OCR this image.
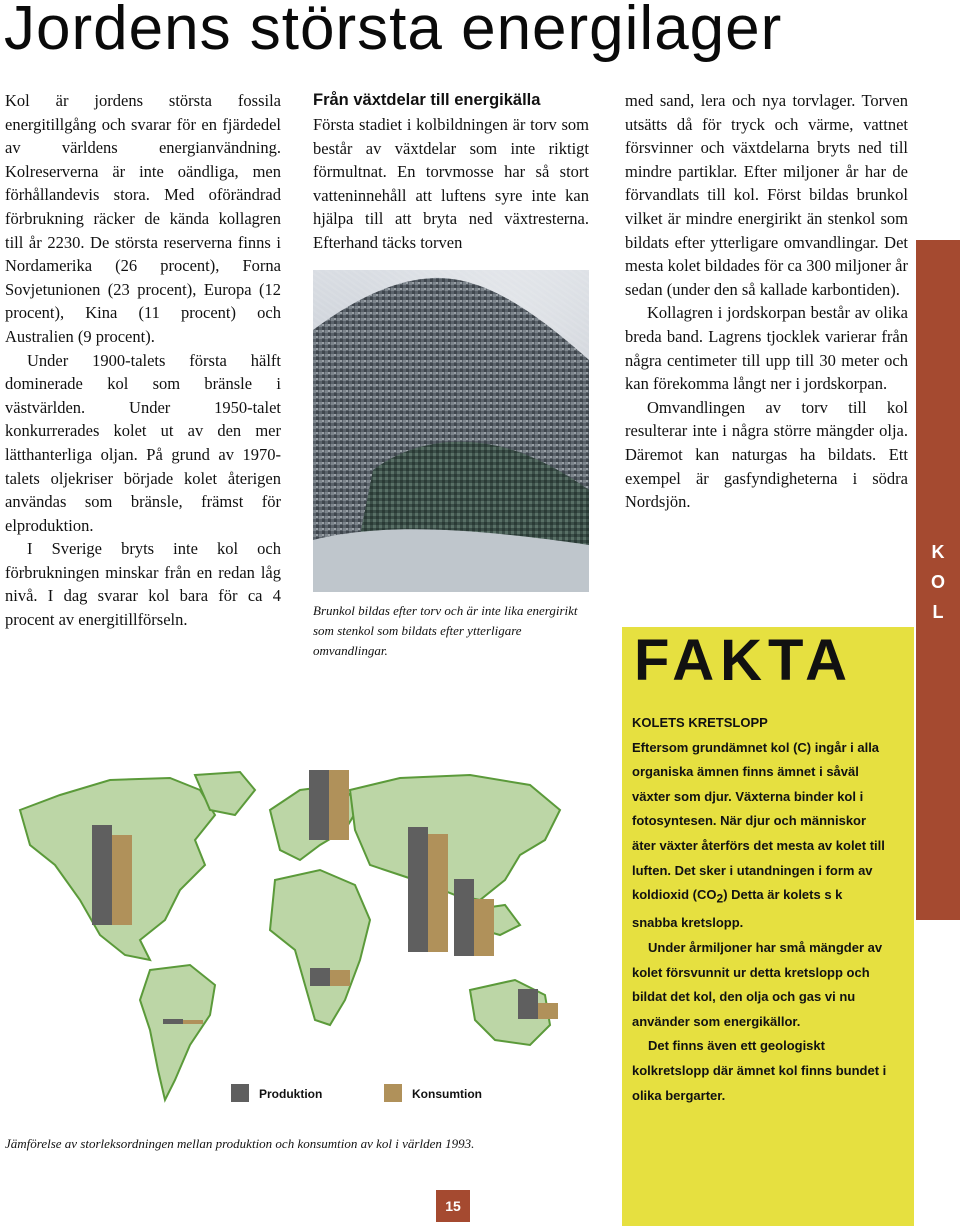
Jordens största energilager

Kol är jordens största fossila energitillgång och svarar för en fjärdedel av världens energianvändning. Kolreserverna är inte oändliga, men förhållandevis stora. Med oförändrad förbrukning räcker de kända kollagren till år 2230. De största reserverna finns i Nordamerika (26 procent), Forna Sovjetunionen (23 procent), Europa (12 procent), Kina (11 procent) och Australien (9 procent).

Under 1900-talets första hälft dominerade kol som bränsle i västvärlden. Under 1950-talet konkurrerades kolet ut av den mer lätthanterliga oljan. På grund av 1970-talets oljekriser började kolet återigen användas som bränsle, främst för elproduktion.

I Sverige bryts inte kol och förbrukningen minskar från en redan låg nivå. I dag svarar kol bara för ca 4 procent av energitillförseln.

Från växtdelar till energikälla

Första stadiet i kolbildningen är torv som består av växtdelar som inte riktigt förmultnat. En torvmosse har så stort vatteninnehåll att luftens syre inte kan hjälpa till att bryta ned växtresterna. Efterhand täcks torven

Brunkol bildas efter torv och är inte lika energirikt som stenkol som bildats efter ytterligare omvandlingar.

med sand, lera och nya torvlager. Torven utsätts då för tryck och värme, vattnet försvinner och växtdelarna bryts ned till mindre partiklar. Efter miljoner år har de förvandlats till kol. Först bildas brunkol vilket är mindre energirikt än stenkol som bildats efter ytterligare omvandlingar. Det mesta kolet bildades för ca 300 miljoner år sedan (under den så kallade karbontiden).

Kollagren i jordskorpan består av olika breda band. Lagrens tjocklek varierar från några centimeter till upp till 30 meter och kan förekomma långt ner i jordskorpan.

Omvandlingen av torv till kol resulterar inte i några större mängder olja. Däremot kan naturgas ha bildats. Ett exempel är gasfyndigheterna i södra Nordsjön.

K
O
L
FAKTA

KOLETS KRETSLOPP

Eftersom grundämnet kol (C) ingår i alla organiska ämnen finns ämnet i såväl växter som djur. Växterna binder kol i fotosyntesen. När djur och människor äter växter återförs det mesta av kolet till luften. Det sker i utandningen i form av koldioxid $(CO_2)$ Detta är kolets s k snabba kretslopp.

Under årmiljoner har små mängder av kolet försvunnit ur detta kretslopp och bildat det kol, den olja och gas vi nu använder som energikällor.

Det finns även ett geologiskt kolkretslopp där ämnet kol finns bundet i olika bergarter.

Produktion	Konsumtion
Jämförelse av storleksordningen mellan produktion och konsumtion av kol i världen 1993.
15
